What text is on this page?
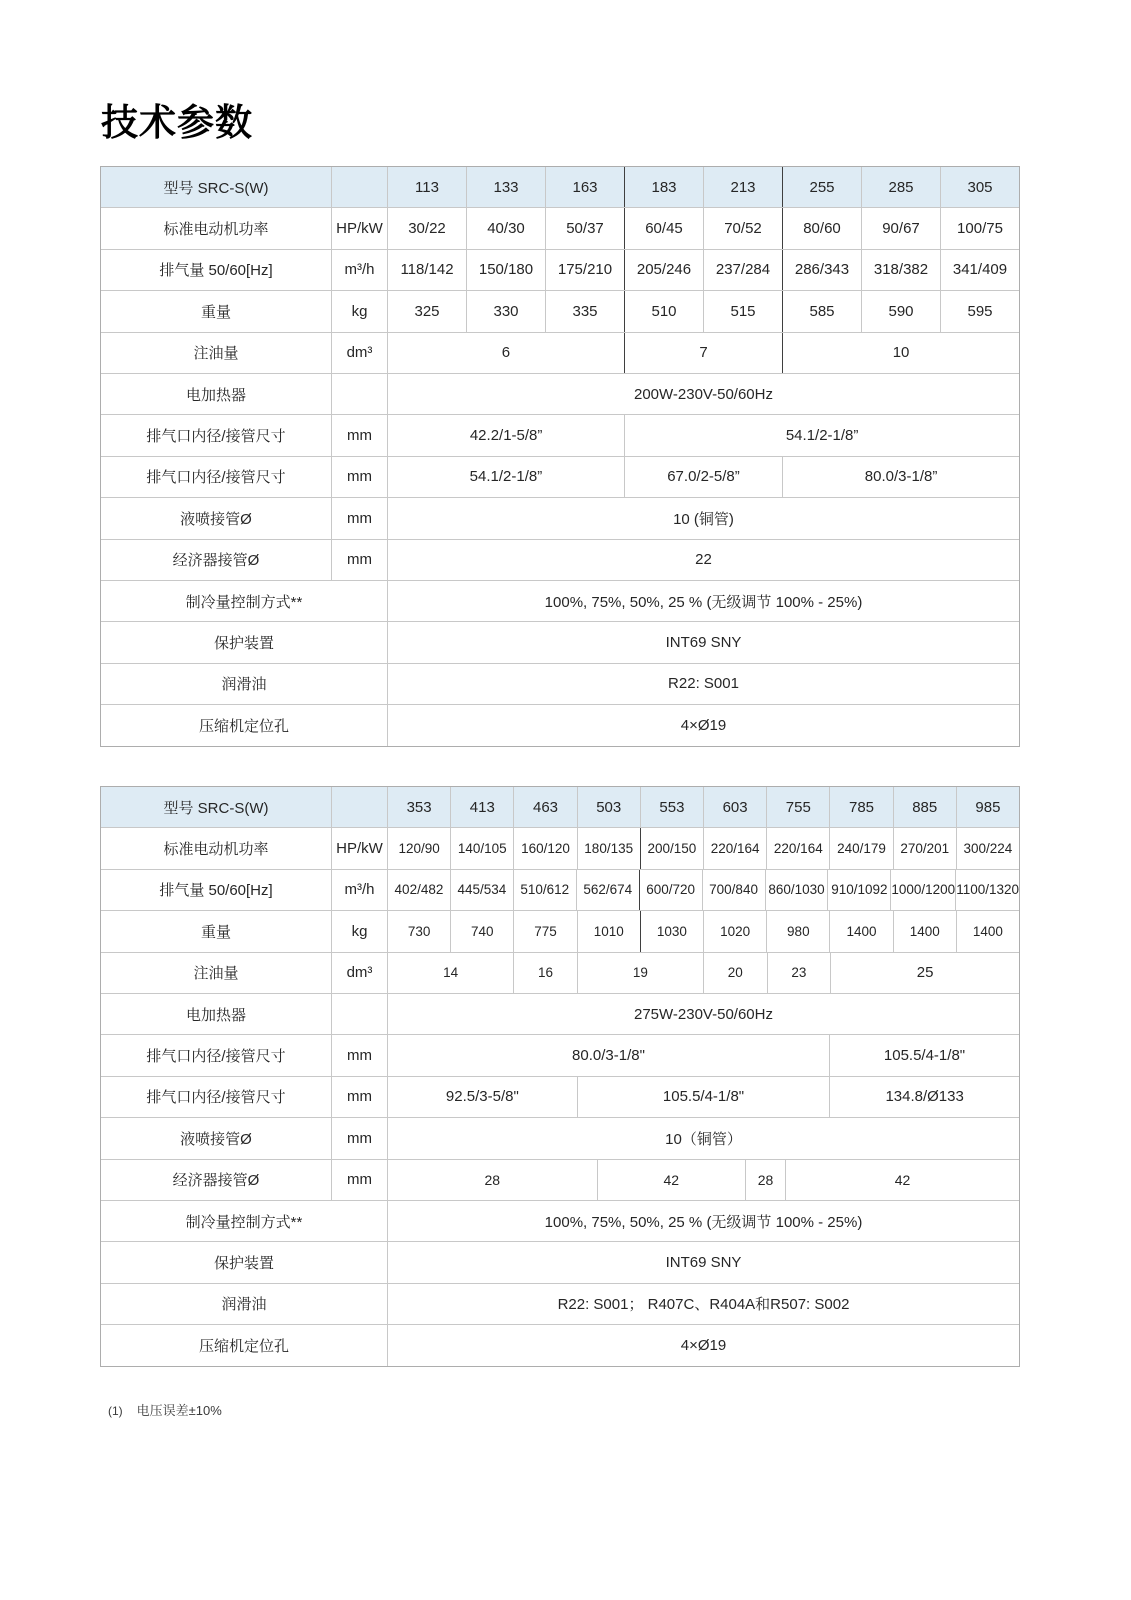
技术参数
型号 SRC-S(W)	113	133	163	183	213	255	285	305
标准电动机功率	HP/kW	30/22	40/30	50/37	60/45	70/52	80/60	90/67	100/75
排气量 50/60[Hz]	m³/h	118/142	150/180	175/210	205/246	237/284	286/343	318/382	341/409
重量	kg	325	330	335	510	515	585	590	595
注油量	dm³	6	7	10
电加热器	200W-230V-50/60Hz
排气口内径/接管尺寸	mm	42.2/1-5/8”	54.1/2-1/8”
排气口内径/接管尺寸	mm	54.1/2-1/8”	67.0/2-5/8”	80.0/3-1/8”
液喷接管Ø	mm	10 (铜管)
经济器接管Ø	mm	22
制冷量控制方式**	100%, 75%, 50%, 25 % (无级调节 100% - 25%)
保护装置	INT69 SNY
润滑油	R22: S001
压缩机定位孔	4×Ø19
型号 SRC-S(W)	353	413	463	503	553	603	755	785	885	985
标准电动机功率	HP/kW	120/90	140/105	160/120	180/135	200/150	220/164	220/164	240/179	270/201	300/224
排气量 50/60[Hz]	m³/h	402/482	445/534	510/612	562/674	600/720	700/840 860/1030 910/1092 1000/1200 1100/1320
重量	kg	730	740	775	1010	1030	1020	980	1400	1400	1400
注油量	dm³	14	16	19	20	23	25
电加热器	275W-230V-50/60Hz
排气口内径/接管尺寸	mm	80.0/3-1/8"	105.5/4-1/8"
排气口内径/接管尺寸	mm	92.5/3-5/8"	105.5/4-1/8"	134.8/Ø133
液喷接管Ø	mm	10（铜管）
经济器接管Ø	mm	28	42	28	42
制冷量控制方式**	100%, 75%, 50%, 25 % (无级调节 100% - 25%)
保护装置	INT69 SNY
润滑油	R22: S001； R407C、R404A和R507: S002
压缩机定位孔	4×Ø19
(1) 电压误差±10%
